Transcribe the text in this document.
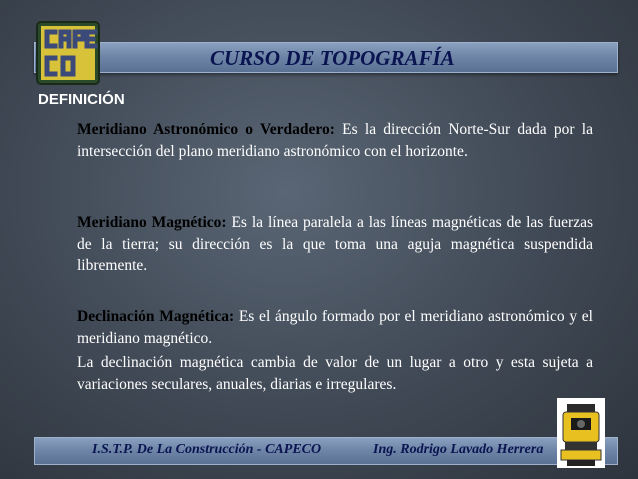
CURSO DE TOPOGRAFÍA
DEFINICIÓN

Meridiano Astronómico o Verdadero: Es la dirección Norte-Sur dada por la intersección del plano meridiano astronómico con el horizonte.

Meridiano Magnético: Es la línea paralela a las líneas magnéticas de las fuerzas de la tierra; su dirección es la que toma una aguja magnética suspendida libremente.

Declinación Magnética: Es el ángulo formado por el meridiano astronómico y el meridiano magnético.

La declinación magnética cambia de valor de un lugar a otro y esta sujeta a variaciones seculares, anuales, diarias e irregulares.

I.S.T.P. De La Construcción - CAPECO	Ing. Rodrigo Lavado Herrera
